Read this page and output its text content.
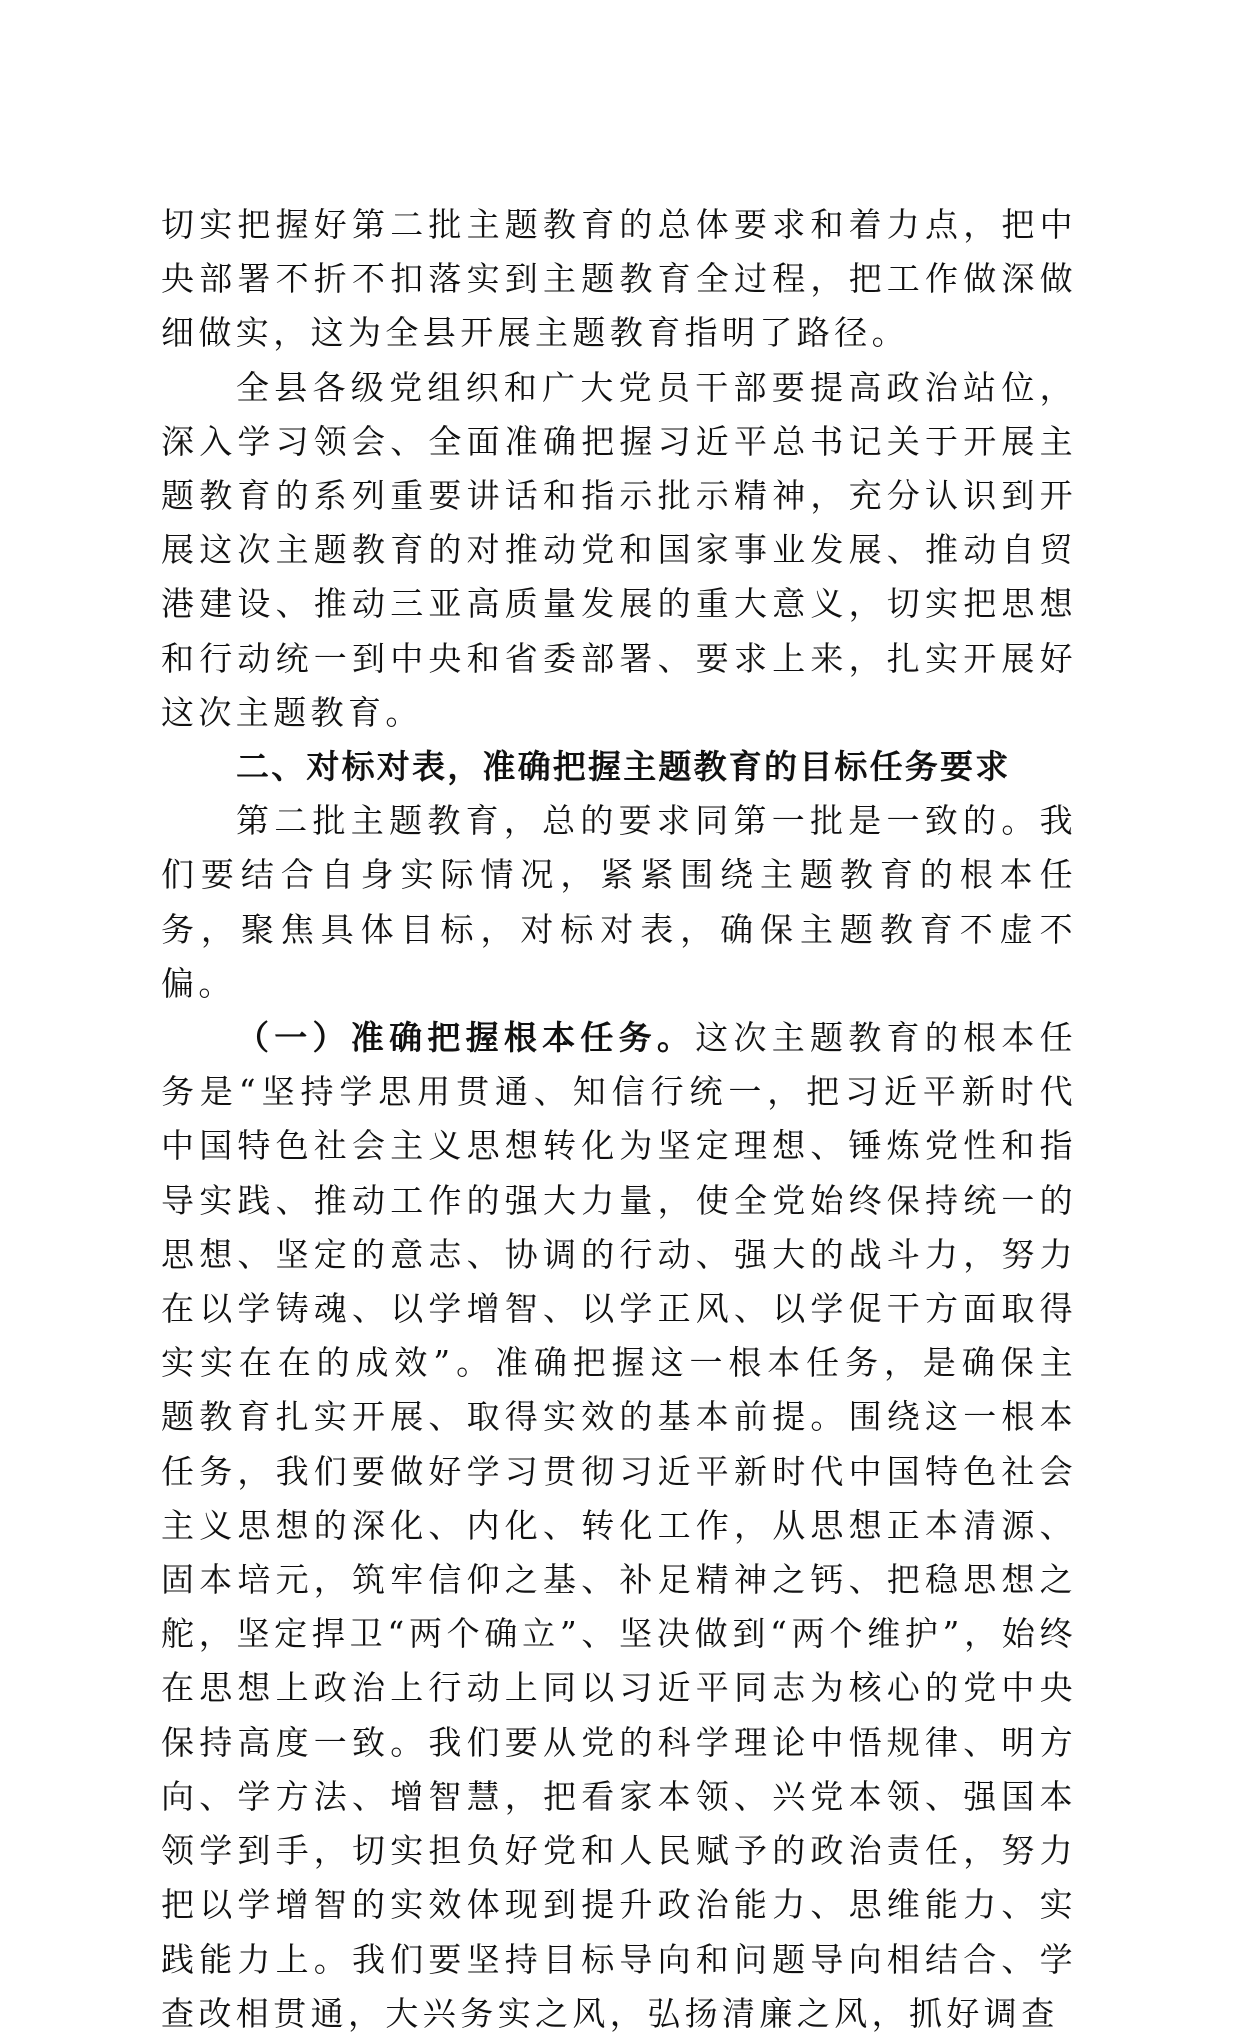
切实把握好第二批主题教育的总体要求和着力点，把中央部署不折不扣落实到主题教育全过程，把工作做深做细做实，这为全县开展主题教育指明了路径。

全县各级党组织和广大党员干部要提高政治站位，深入学习领会、全面准确把握习近平总书记关于开展主题教育的系列重要讲话和指示批示精神，充分认识到开展这次主题教育的对推动党和国家事业发展、推动自贸港建设、推动三亚高质量发展的重大意义，切实把思想和行动统一到中央和省委部署、要求上来，扎实开展好这次主题教育。

二、对标对表，准确把握主题教育的目标任务要求

第二批主题教育，总的要求同第一批是一致的。我们要结合自身实际情况，紧紧围绕主题教育的根本任务，聚焦具体目标，对标对表，确保主题教育不虚不偏。

（一）准确把握根本任务。这次主题教育的根本任务是“坚持学思用贯通、知信行统一，把习近平新时代中国特色社会主义思想转化为坚定理想、锤炼党性和指导实践、推动工作的强大力量，使全党始终保持统一的思想、坚定的意志、协调的行动、强大的战斗力，努力在以学铸魂、以学增智、以学正风、以学促干方面取得实实在在的成效”。准确把握这一根本任务，是确保主题教育扎实开展、取得实效的基本前提。围绕这一根本任务，我们要做好学习贯彻习近平新时代中国特色社会主义思想的深化、内化、转化工作，从思想正本清源、固本培元，筑牢信仰之基、补足精神之钙、把稳思想之舵，坚定捍卫“两个确立”、坚决做到“两个维护”，始终在思想上政治上行动上同以习近平同志为核心的党中央保持高度一致。我们要从党的科学理论中悟规律、明方向、学方法、增智慧，把看家本领、兴党本领、强国本领学到手，切实担负好党和人民赋予的政治责任，努力把以学增智的实效体现到提升政治能力、思维能力、实践能力上。我们要坚持目标导向和问题导向相结合、学查改相贯通，大兴务实之风，弘扬清廉之风，抓好调查
